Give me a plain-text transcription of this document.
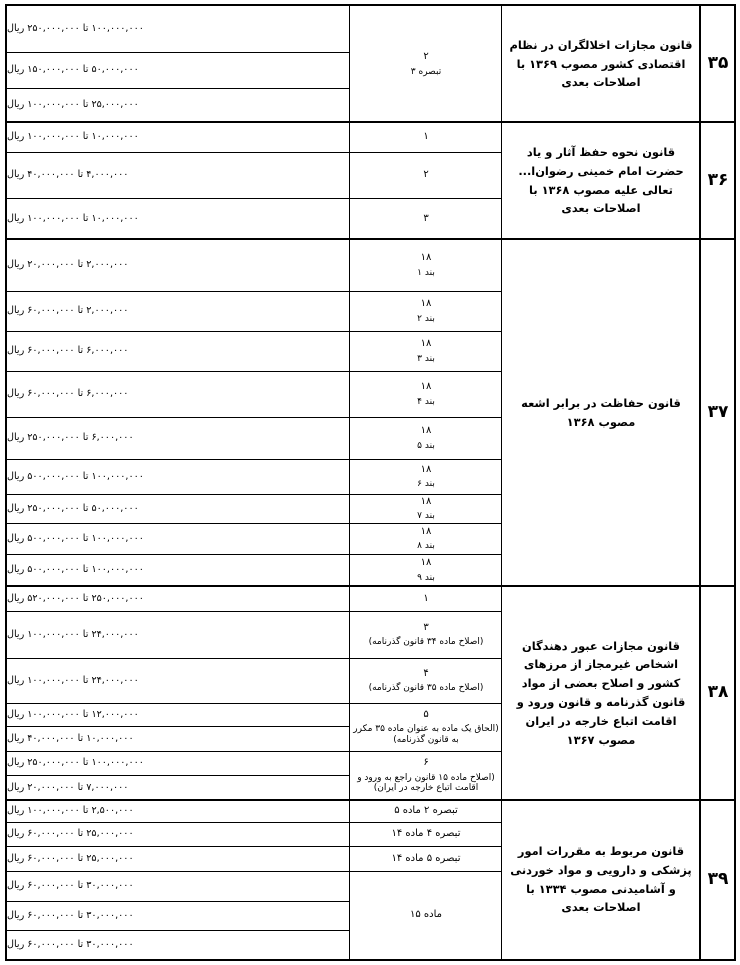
۳۵
قانون مجازات اخلالگران در نظام اقتصادی کشور مصوب ۱۳۶۹ با اصلاحات بعدی
۲
تبصره ۳
۱۰۰,۰۰۰,۰۰۰ تا ۲۵۰,۰۰۰,۰۰۰ ریال
۵۰,۰۰۰,۰۰۰ تا ۱۵۰,۰۰۰,۰۰۰ ریال
۲۵,۰۰۰,۰۰۰ تا ۱۰۰,۰۰۰,۰۰۰ ریال
۳۶
قانون نحوه حفظ آثار و یاد حضرت امام خمینی رضوان‌ا... تعالی علیه مصوب ۱۳۶۸ با اصلاحات بعدی
۱
۲
۳
۱۰,۰۰۰,۰۰۰ تا ۱۰۰,۰۰۰,۰۰۰ ریال
۴,۰۰۰,۰۰۰ تا ۴۰,۰۰۰,۰۰۰ ریال
۱۰,۰۰۰,۰۰۰ تا ۱۰۰,۰۰۰,۰۰۰ ریال
۳۷
قانون حفاظت در برابر اشعه مصوب ۱۳۶۸
۱۸
بند ۱
۱۸
بند ۲
۱۸
بند ۳
۱۸
بند ۴
۱۸
بند ۵
۱۸
بند ۶
۱۸
بند ۷
۱۸
بند ۸
۱۸
بند ۹
۲,۰۰۰,۰۰۰ تا ۲۰,۰۰۰,۰۰۰ ریال
۲,۰۰۰,۰۰۰ تا ۶۰,۰۰۰,۰۰۰ ریال
۶,۰۰۰,۰۰۰ تا ۶۰,۰۰۰,۰۰۰ ریال
۶,۰۰۰,۰۰۰ تا ۶۰,۰۰۰,۰۰۰ ریال
۶,۰۰۰,۰۰۰ تا ۲۵۰,۰۰۰,۰۰۰ ریال
۱۰۰,۰۰۰,۰۰۰ تا ۵۰۰,۰۰۰,۰۰۰ ریال
۵۰,۰۰۰,۰۰۰ تا ۲۵۰,۰۰۰,۰۰۰ ریال
۱۰۰,۰۰۰,۰۰۰ تا ۵۰۰,۰۰۰,۰۰۰ ریال
۱۰۰,۰۰۰,۰۰۰ تا ۵۰۰,۰۰۰,۰۰۰ ریال
۳۸
قانون مجازات عبور دهندگان اشخاص غیرمجاز از مرزهای کشور و اصلاح بعضی از مواد قانون گذرنامه و قانون ورود و اقامت اتباع خارجه در ایران مصوب ۱۳۶۷
۱
۳
(اصلاح ماده ۳۴ قانون گذرنامه)
۴
(اصلاح ماده ۳۵ قانون گذرنامه)
۵
(الحاق یک ماده به عنوان ماده ۳۵ مکرر به قانون گذرنامه)
۶
(اصلاح ماده ۱۵ قانون راجع به ورود و اقامت اتباع خارجه در ایران)
۲۵۰,۰۰۰,۰۰۰ تا ۵۲۰,۰۰۰,۰۰۰ ریال
۲۴,۰۰۰,۰۰۰ تا ۱۰۰,۰۰۰,۰۰۰ ریال
۲۴,۰۰۰,۰۰۰ تا ۱۰۰,۰۰۰,۰۰۰ ریال
۱۲,۰۰۰,۰۰۰ تا ۱۰۰,۰۰۰,۰۰۰ ریال
۱۰,۰۰۰,۰۰۰ تا ۴۰,۰۰۰,۰۰۰ ریال
۱۰۰,۰۰۰,۰۰۰ تا ۲۵۰,۰۰۰,۰۰۰ ریال
۷,۰۰۰,۰۰۰ تا ۲۰,۰۰۰,۰۰۰ ریال
۳۹
قانون مربوط به مقررات امور پزشکی و دارویی و مواد خوردنی و آشامیدنی مصوب ۱۳۳۴ با اصلاحات بعدی
تبصره ۲ ماده ۵
تبصره ۴ ماده ۱۴
تبصره ۵ ماده ۱۴
ماده ۱۵
۲,۵۰۰,۰۰۰ تا ۱۰۰,۰۰۰,۰۰۰ ریال
۲۵,۰۰۰,۰۰۰ تا ۶۰,۰۰۰,۰۰۰ ریال
۲۵,۰۰۰,۰۰۰ تا ۶۰,۰۰۰,۰۰۰ ریال
۳۰,۰۰۰,۰۰۰ تا ۶۰,۰۰۰,۰۰۰ ریال
۳۰,۰۰۰,۰۰۰ تا ۶۰,۰۰۰,۰۰۰ ریال
۳۰,۰۰۰,۰۰۰ تا ۶۰,۰۰۰,۰۰۰ ریال
